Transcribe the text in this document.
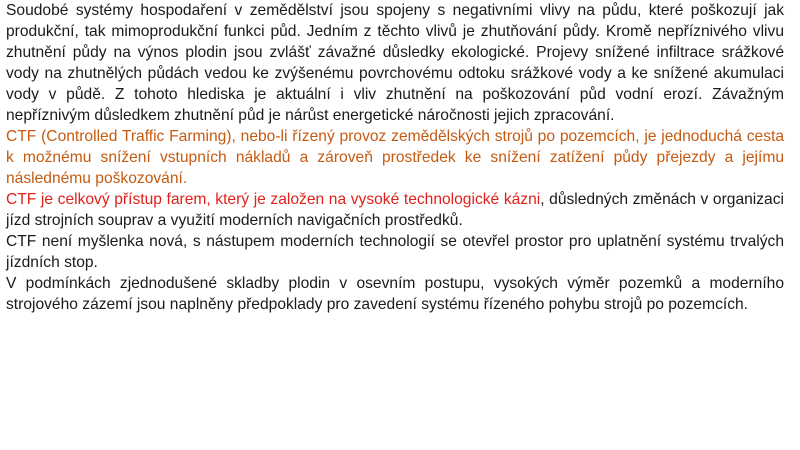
Soudobé systémy hospodaření v zemědělství jsou spojeny s negativními vlivy na půdu, které poškozují jak produkční, tak mimoprodukční funkci půd. Jedním z těchto vlivů je zhutňování půdy. Kromě nepříznivého vlivu zhutnění půdy na výnos plodin jsou zvlášť závažné důsledky ekologické. Projevy snížené infiltrace srážkové vody na zhutnělých půdách vedou ke zvýšenému povrchovému odtoku srážkové vody a ke snížené akumulaci vody v půdě. Z tohoto hlediska je aktuální i vliv zhutnění na poškozování půd vodní erozí. Závažným nepříznivým důsledkem zhutnění půd je nárůst energetické náročnosti jejich zpracování.

CTF (Controlled Traffic Farming), nebo-li řízený provoz zemědělských strojů po pozemcích, je jednoduchá cesta k možnému snížení vstupních nákladů a zároveň prostředek ke snížení zatížení půdy přejezdy a jejímu následnému poškozování.

CTF je celkový přístup farem, který je založen na vysoké technologické kázni, důsledných změnách v organizaci jízd strojních souprav a využití moderních navigačních prostředků.

CTF není myšlenka nová, s nástupem moderních technologií se otevřel prostor pro uplatnění systému trvalých jízdních stop.

V podmínkách zjednodušené skladby plodin v osevním postupu, vysokých výměr pozemků a moderního strojového zázemí jsou naplněny předpoklady pro zavedení systému řízeného pohybu strojů po pozemcích.
